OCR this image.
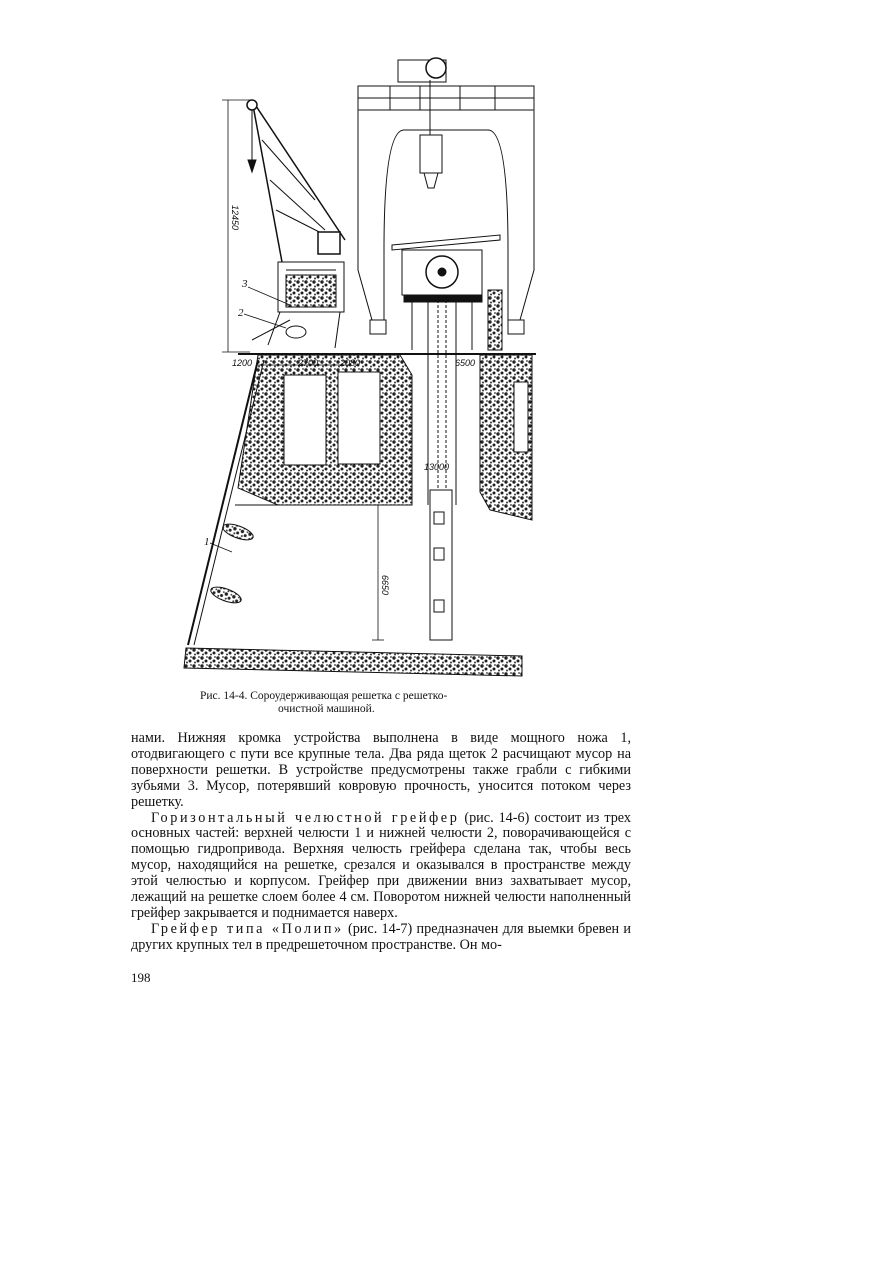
12450
1200	2700 2080	6500
13000
6650
3
2
1
Рис. 14-4. Сороудерживающая решетка с решетко-
очистной машиной.

нами. Нижняя кромка устройства выполнена в виде мощного ножа 1, отодвигающего с пути все крупные тела. Два ряда щеток 2 расчищают мусор на поверхности решетки. В устройстве предусмотрены также грабли с гибкими зубьями 3. Мусор, потерявший ковровую прочность, уносится потоком через решетку.

Горизонтальный челюстной грейфер (рис. 14-6) состоит из трех основных частей: верхней челюсти 1 и нижней челюсти 2, поворачивающейся с помощью гидропривода. Верхняя челюсть грейфера сделана так, чтобы весь мусор, находящийся на решетке, срезался и оказывался в пространстве между этой челюстью и корпусом. Грейфер при движении вниз захватывает мусор, лежащий на решетке слоем более 4 см. Поворотом нижней челюсти наполненный грейфер закрывается и поднимается наверх.

Грейфер типа «Полип» (рис. 14-7) предназначен для выемки бревен и других крупных тел в предрешеточном пространстве. Он мо-

198
